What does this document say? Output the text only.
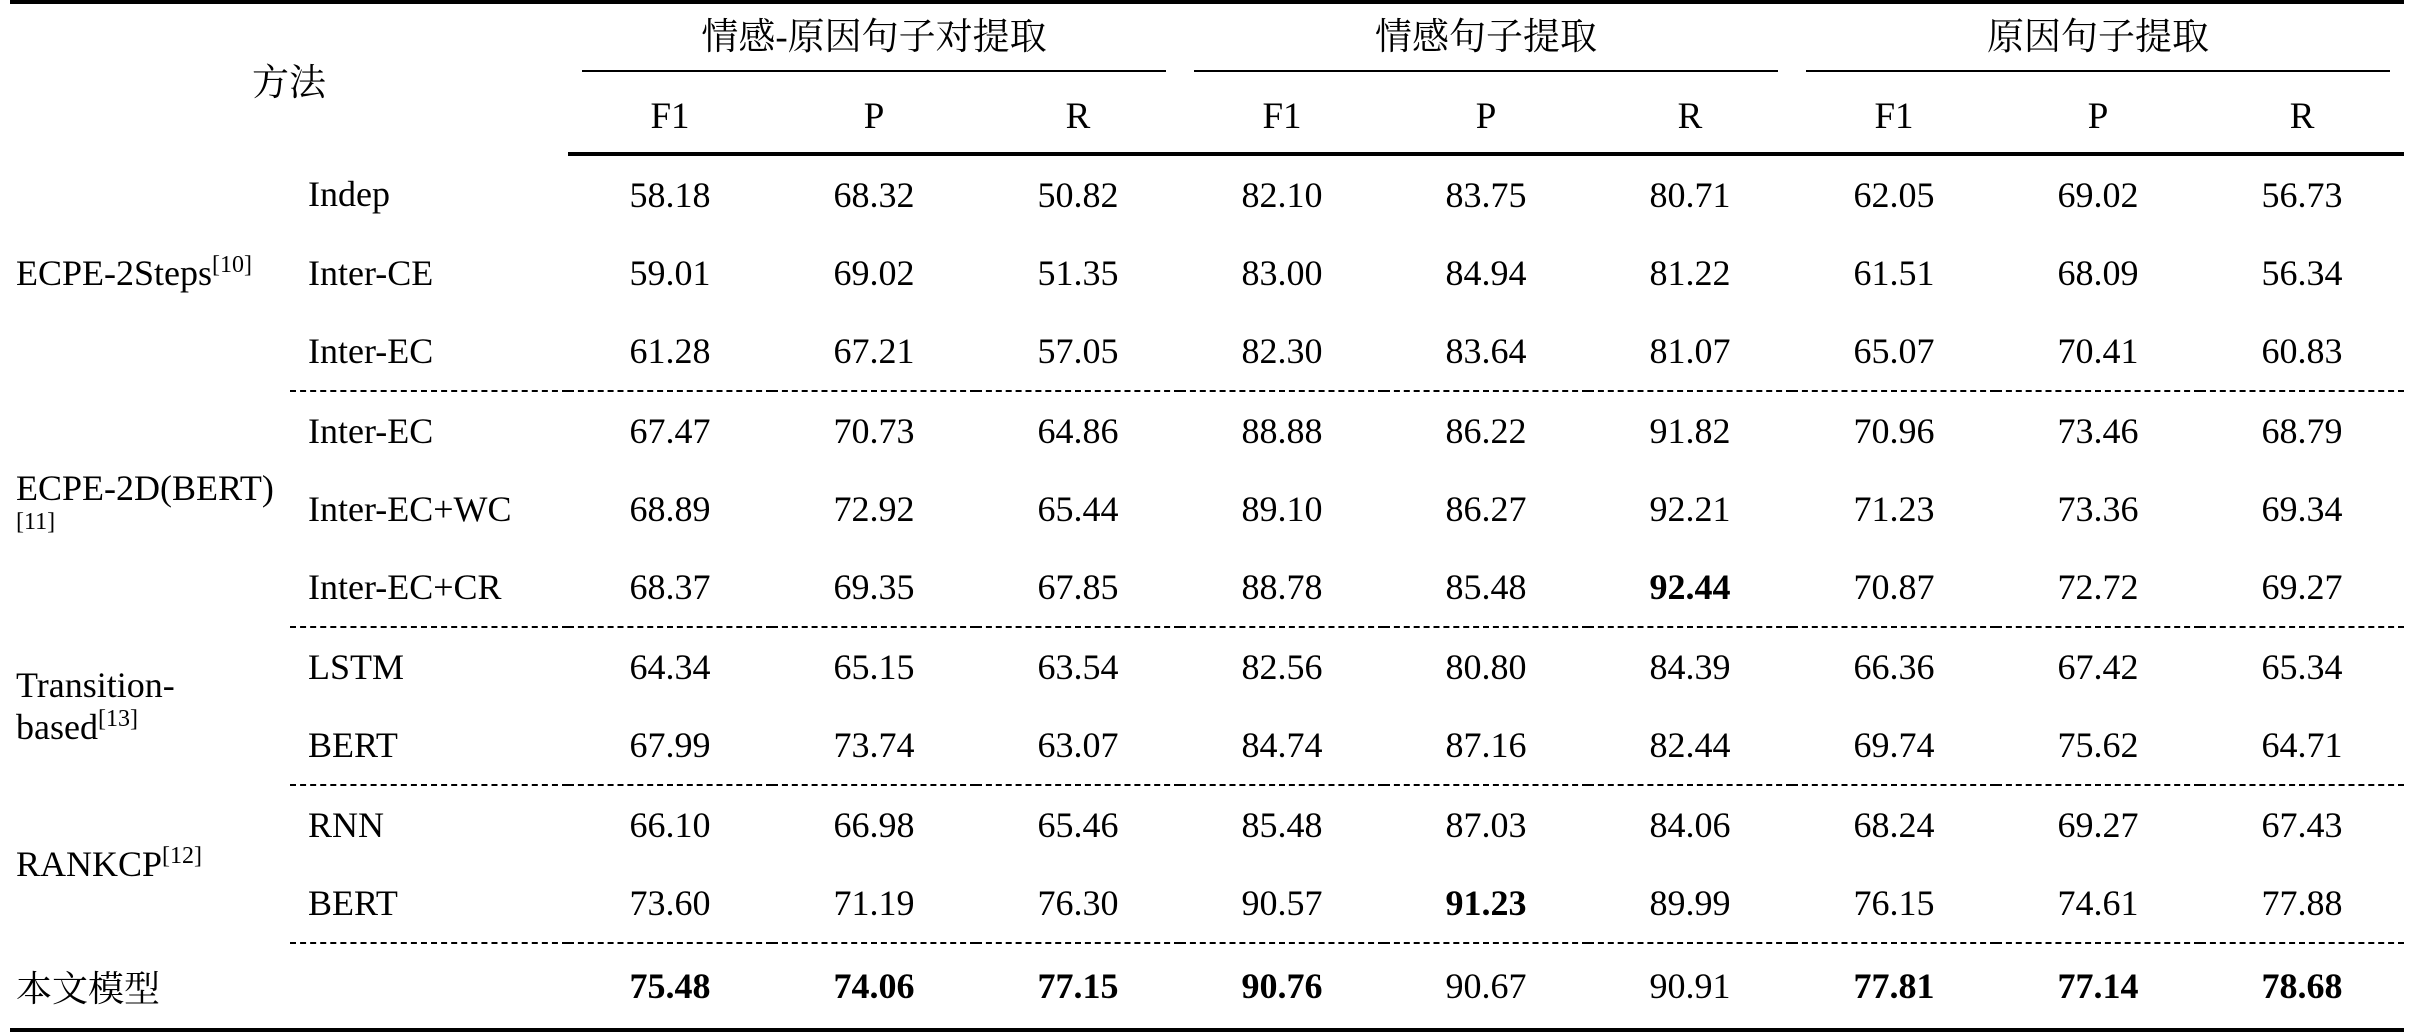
方法		情感-原因句子对提取			情感句子提取			原因句子提取		

		F1	P	R	F1	P	R	F1	P	R
ECPE-2Steps[10]	Indep	58.18	68.32	50.82	82.10	83.75	80.71	62.05	69.02	56.73
	Inter-CE	59.01	69.02	51.35	83.00	84.94	81.22	61.51	68.09	56.34
	Inter-EC	61.28	67.21	57.05	82.30	83.64	81.07	65.07	70.41	60.83
ECPE-2D(BERT)[11]	Inter-EC	67.47	70.73	64.86	88.88	86.22	91.82	70.96	73.46	68.79
	Inter-EC+WC	68.89	72.92	65.44	89.10	86.27	92.21	71.23	73.36	69.34
	Inter-EC+CR	68.37	69.35	67.85	88.78	85.48	92.44	70.87	72.72	69.27
Transition-based[13]	LSTM	64.34	65.15	63.54	82.56	80.80	84.39	66.36	67.42	65.34
	BERT	67.99	73.74	63.07	84.74	87.16	82.44	69.74	75.62	64.71
RANKCP[12]	RNN	66.10	66.98	65.46	85.48	87.03	84.06	68.24	69.27	67.43
	BERT	73.60	71.19	76.30	90.57	91.23	89.99	76.15	74.61	77.88
本文模型		75.48	74.06	77.15	90.76	90.67	90.91	77.81	77.14	78.68
